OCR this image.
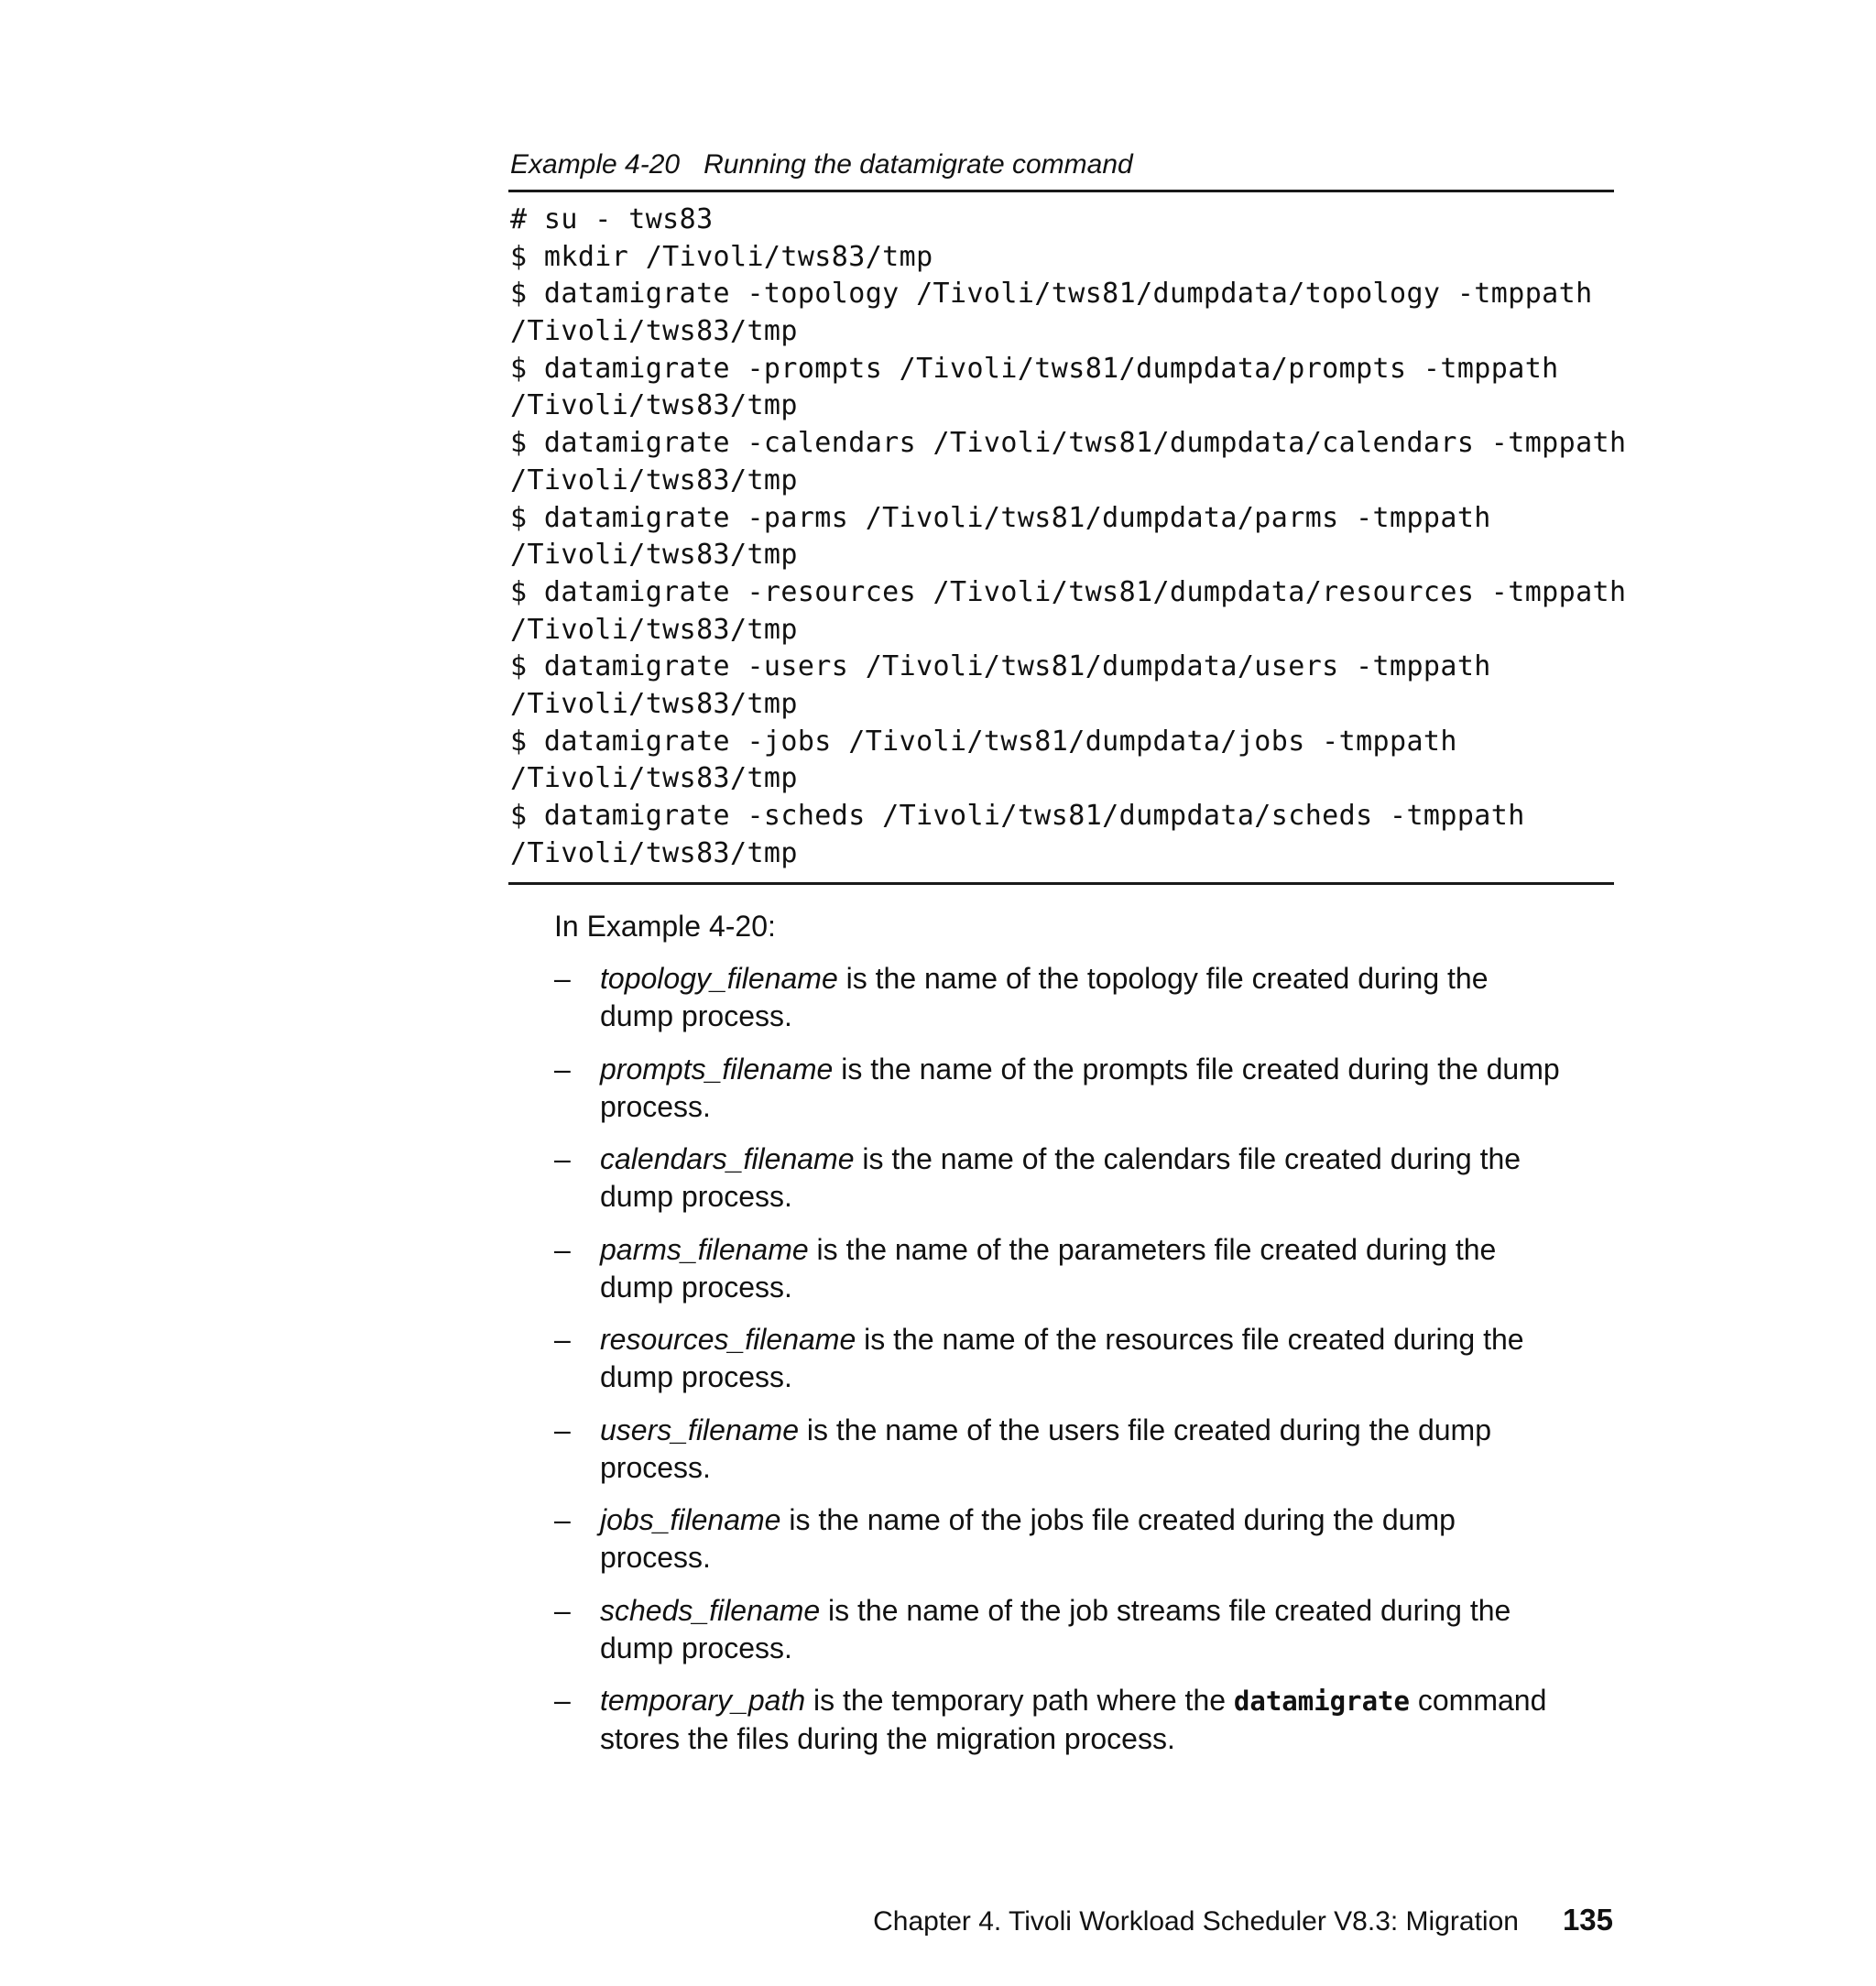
Example 4-20 Running the datamigrate command
# su - tws83
$ mkdir /Tivoli/tws83/tmp
$ datamigrate -topology /Tivoli/tws81/dumpdata/topology -tmppath
/Tivoli/tws83/tmp
$ datamigrate -prompts /Tivoli/tws81/dumpdata/prompts -tmppath
/Tivoli/tws83/tmp
$ datamigrate -calendars /Tivoli/tws81/dumpdata/calendars -tmppath
/Tivoli/tws83/tmp
$ datamigrate -parms /Tivoli/tws81/dumpdata/parms -tmppath
/Tivoli/tws83/tmp
$ datamigrate -resources /Tivoli/tws81/dumpdata/resources -tmppath
/Tivoli/tws83/tmp
$ datamigrate -users /Tivoli/tws81/dumpdata/users -tmppath
/Tivoli/tws83/tmp
$ datamigrate -jobs /Tivoli/tws81/dumpdata/jobs -tmppath
/Tivoli/tws83/tmp
$ datamigrate -scheds /Tivoli/tws81/dumpdata/scheds -tmppath
/Tivoli/tws83/tmp
In Example 4-20:
– topology_filename is the name of the topology file created during the
dump process.
– prompts_filename is the name of the prompts file created during the dump
process.
– calendars_filename is the name of the calendars file created during the
dump process.
– parms_filename is the name of the parameters file created during the
dump process.
– resources_filename is the name of the resources file created during the
dump process.
– users_filename is the name of the users file created during the dump
process.
– jobs_filename is the name of the jobs file created during the dump
process.
– scheds_filename is the name of the job streams file created during the
dump process.
– temporary_path is the temporary path where the datamigrate command
stores the files during the migration process.
Chapter 4. Tivoli Workload Scheduler V8.3: Migration 135
